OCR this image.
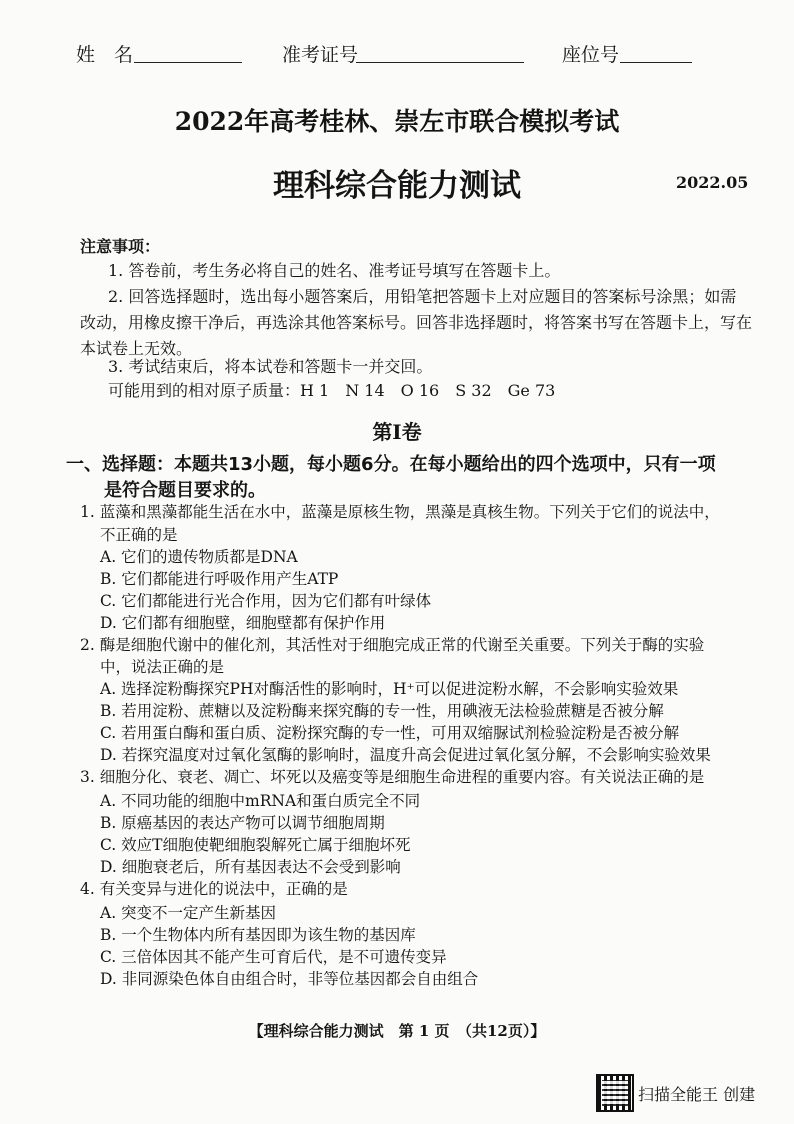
姓　名	准考证号	座位号
2022年高考桂林、崇左市联合模拟考试
理科综合能力测试	2022.05
注意事项：
1. 答卷前，考生务必将自己的姓名、准考证号填写在答题卡上。
2. 回答选择题时，选出每小题答案后，用铅笔把答题卡上对应题目的答案标号涂黑；如需
改动，用橡皮擦干净后，再选涂其他答案标号。回答非选择题时，将答案书写在答题卡上，写在
本试卷上无效。
3. 考试结束后，将本试卷和答题卡一并交回。
可能用到的相对原子质量：H 1　N 14　O 16　S 32　Ge 73
第Ⅰ卷
一、选择题：本题共13小题，每小题6分。在每小题给出的四个选项中，只有一项
是符合题目要求的。
1. 蓝藻和黑藻都能生活在水中，蓝藻是原核生物，黑藻是真核生物。下列关于它们的说法中，
不正确的是
A. 它们的遗传物质都是DNA
B. 它们都能进行呼吸作用产生ATP
C. 它们都能进行光合作用，因为它们都有叶绿体
D. 它们都有细胞壁，细胞壁都有保护作用
2. 酶是细胞代谢中的催化剂，其活性对于细胞完成正常的代谢至关重要。下列关于酶的实验
中，说法正确的是
A. 选择淀粉酶探究PH对酶活性的影响时，H⁺可以促进淀粉水解，不会影响实验效果
B. 若用淀粉、蔗糖以及淀粉酶来探究酶的专一性，用碘液无法检验蔗糖是否被分解
C. 若用蛋白酶和蛋白质、淀粉探究酶的专一性，可用双缩脲试剂检验淀粉是否被分解
D. 若探究温度对过氧化氢酶的影响时，温度升高会促进过氧化氢分解，不会影响实验效果
3. 细胞分化、衰老、凋亡、坏死以及癌变等是细胞生命进程的重要内容。有关说法正确的是
A. 不同功能的细胞中mRNA和蛋白质完全不同
B. 原癌基因的表达产物可以调节细胞周期
C. 效应T细胞使靶细胞裂解死亡属于细胞坏死
D. 细胞衰老后，所有基因表达不会受到影响
4. 有关变异与进化的说法中，正确的是
A. 突变不一定产生新基因
B. 一个生物体内所有基因即为该生物的基因库
C. 三倍体因其不能产生可育后代，是不可遗传变异
D. 非同源染色体自由组合时，非等位基因都会自由组合
【理科综合能力测试　第 1 页　（共12页）】
扫描全能王 创建
